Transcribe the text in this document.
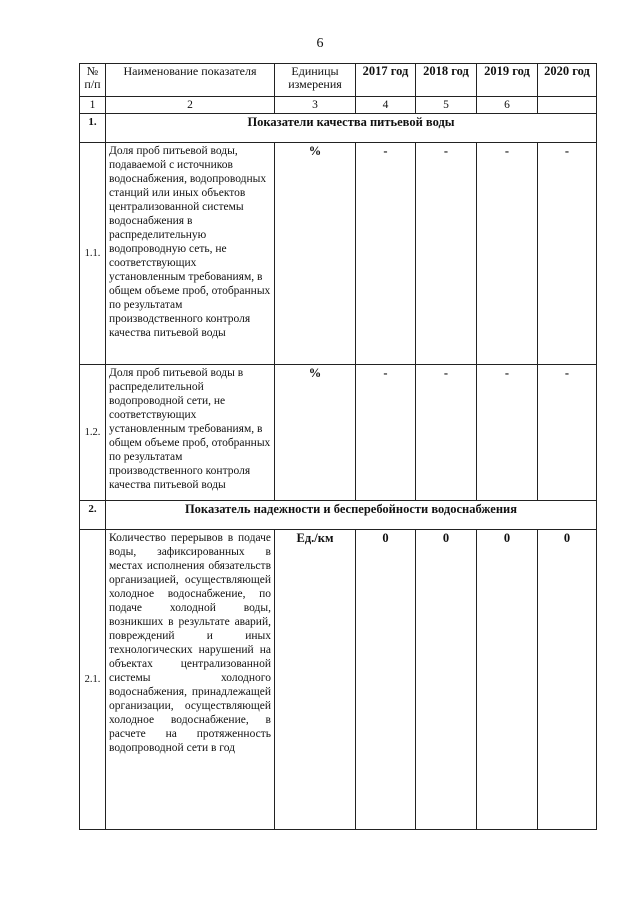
6
№ п/п	Наименование показателя	Единицы измерения	2017 год	2018 год	2019 год	2020 год
1	2	3	4	5	6	
1.	Показатели качества питьевой воды					
1.1.	Доля проб питьевой воды, подаваемой с источников водоснабжения, водопроводных станций или иных объектов централизованной системы водоснабжения в распределительную водопроводную сеть, не соответствующих установленным требованиям, в общем объеме проб, отобранных по результатам производственного контроля качества питьевой воды	%	-	-	-	-
1.2.	Доля проб питьевой воды в распределительной водопроводной сети, не соответствующих установленным требованиям, в общем объеме проб, отобранных по результатам производственного контроля качества питьевой воды	%	-	-	-	-
2.	Показатель надежности и бесперебойности водоснабжения					
2.1.	Количество перерывов в подаче воды, зафиксированных в местах исполнения обязательств организацией, осуществляющей холодное водоснабжение, по подаче холодной воды, возникших в результате аварий, повреждений и иных технологических нарушений на объектах централизованной системы холодного водоснабжения, принадлежащей организации, осуществляющей холодное водоснабжение, в расчете на протяженность водопроводной сети в год	Ед./км	0	0	0	0
